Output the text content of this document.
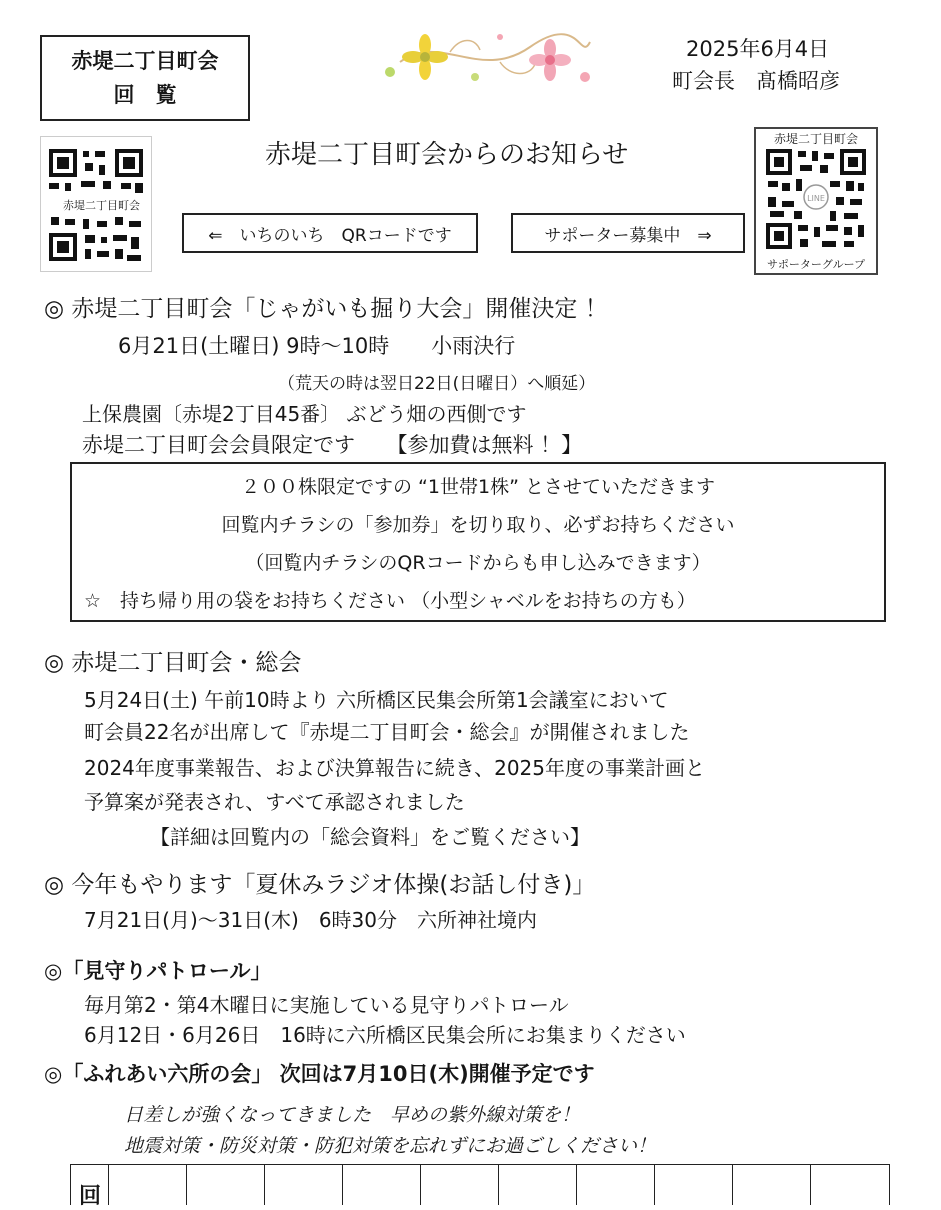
赤堤二丁目町会
回　覧
2025年6月4日
町会長　髙橋昭彦
赤堤二丁目町会からのお知らせ
赤堤二丁目町会
赤堤二丁目町会
LINE
サポーターグループ
⇐　いちのいち　QRコードです	サポーター募集中　⇒
◎ 赤堤二丁目町会「じゃがいも掘り大会」開催決定 ！
6月21日(土曜日) 9時～10時　　小雨決行
（荒天の時は翌日22日(日曜日）へ順延）
上保農園〔赤堤2丁目45番〕 ぶどう畑の西側です
赤堤二丁目町会会員限定です　　【参加費は無料 ！】
２００株限定ですの “1世帯1株” とさせていただきます
回覧内チラシの「参加券」を切り取り、必ずお持ちください
（回覧内チラシのQRコードからも申し込みできます）
☆　持ち帰り用の袋をお持ちください （小型シャベルをお持ちの方も）
◎ 赤堤二丁目町会・総会
5月24日(土) 午前10時より 六所橋区民集会所第1会議室において
町会員22名が出席して『赤堤二丁目町会・総会』が開催されました
2024年度事業報告、および決算報告に続き、2025年度の事業計画と
予算案が発表され、すべて承認されました
【詳細は回覧内の「総会資料」をご覧ください】
◎ 今年もやります「夏休みラジオ体操(お話し付き)」
7月21日(月)～31日(木)　6時30分　六所神社境内
◎「見守りパトロール」
毎月第2・第4木曜日に実施している見守りパトロール
6月12日・6月26日　16時に六所橋区民集会所にお集まりください
◎「ふれあい六所の会」 次回は7月10日(木)開催予定です
日差しが強くなってきました　早めの紫外線対策を！
地震対策・防災対策・防犯対策を忘れずにお過ごしください！
回
